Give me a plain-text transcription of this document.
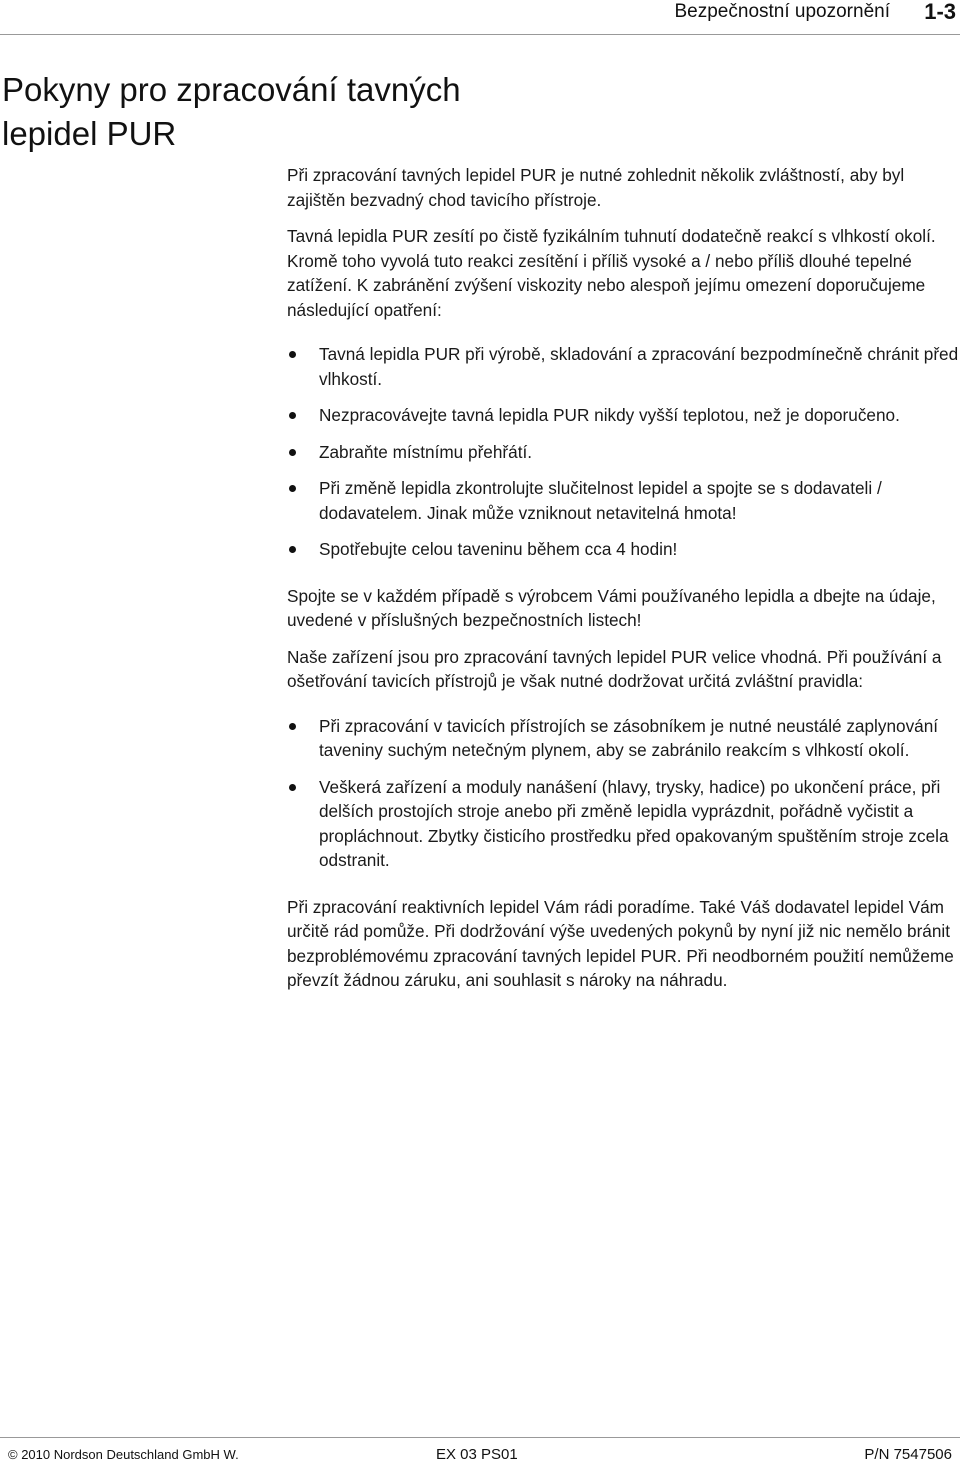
Bezpečnostní upozornění 1-3
Pokyny pro zpracování tavných lepidel PUR

Při zpracování tavných lepidel PUR je nutné zohlednit několik zvláštností, aby byl zajištěn bezvadný chod tavicího přístroje.

Tavná lepidla PUR zesítí po čistě fyzikálním tuhnutí dodatečně reakcí s vlhkostí okolí. Kromě toho vyvolá tuto reakci zesítění i příliš vysoké a / nebo příliš dlouhé tepelné zatížení. K zabránění zvýšení viskozity nebo alespoň jejímu omezení doporučujeme následující opatření:

Tavná lepidla PUR při výrobě, skladování a zpracování bezpodmínečně chránit před vlhkostí.
Nezpracovávejte tavná lepidla PUR nikdy vyšší teplotou, než je doporučeno.
Zabraňte místnímu přehřátí.
Při změně lepidla zkontrolujte slučitelnost lepidel a spojte se s dodavateli / dodavatelem. Jinak může vzniknout netavitelná hmota!
Spotřebujte celou taveninu během cca 4 hodin!

Spojte se v každém případě s výrobcem Vámi používaného lepidla a dbejte na údaje, uvedené v příslušných bezpečnostních listech!

Naše zařízení jsou pro zpracování tavných lepidel PUR velice vhodná. Při používání a ošetřování tavicích přístrojů je však nutné dodržovat určitá zvláštní pravidla:

Při zpracování v tavicích přístrojích se zásobníkem je nutné neustálé zaplynování taveniny suchým netečným plynem, aby se zabránilo reakcím s vlhkostí okolí.
Veškerá zařízení a moduly nanášení (hlavy, trysky, hadice) po ukončení práce, při delších prostojích stroje anebo při změně lepidla vyprázdnit, pořádně vyčistit a propláchnout. Zbytky čisticího prostředku před opakovaným spuštěním stroje zcela odstranit.

Při zpracování reaktivních lepidel Vám rádi poradíme. Také Váš dodavatel lepidel Vám určitě rád pomůže. Při dodržování výše uvedených pokynů by nyní již nic nemělo bránit bezproblémovému zpracování tavných lepidel PUR. Při neodborném použití nemůžeme převzít žádnou záruku, ani souhlasit s nároky na náhradu.

© 2010 Nordson Deutschland GmbH W.	EX 03 PS01	P/N 7547506
